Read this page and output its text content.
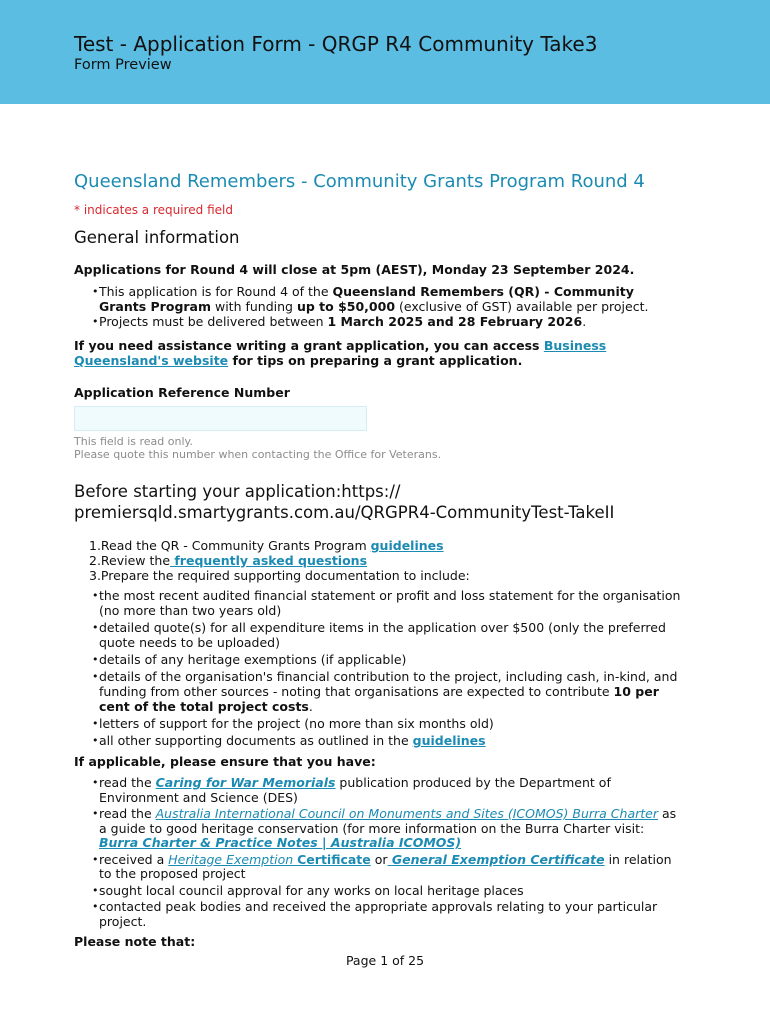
Test - Application Form - QRGP R4 Community Take3
Form Preview
Queensland Remembers - Community Grants Program Round 4
* indicates a required field
General information
Applications for Round 4 will close at 5pm (AEST), Monday 23 September 2024.
• This application is for Round 4 of the Queensland Remembers (QR) - Community Grants Program with funding up to $50,000 (exclusive of GST) available per project.
• Projects must be delivered between 1 March 2025 and 28 February 2026.
If you need assistance writing a grant application, you can access Business Queensland's website for tips on preparing a grant application.
Application Reference Number
This field is read only.
Please quote this number when contacting the Office for Veterans.
Before starting your application:https:// premiersqld.smartygrants.com.au/QRGPR4-CommunityTest-TakeII
1.Read the QR - Community Grants Program guidelines
2.Review the frequently asked questions
3.Prepare the required supporting documentation to include:
• the most recent audited financial statement or profit and loss statement for the organisation (no more than two years old)
• detailed quote(s) for all expenditure items in the application over $500 (only the preferred quote needs to be uploaded)
• details of any heritage exemptions (if applicable)
• details of the organisation's financial contribution to the project, including cash, in-kind, and funding from other sources - noting that organisations are expected to contribute 10 per cent of the total project costs.
• letters of support for the project (no more than six months old)
• all other supporting documents as outlined in the guidelines
If applicable, please ensure that you have:
• read the Caring for War Memorials publication produced by the Department of Environment and Science (DES)
• read the Australia International Council on Monuments and Sites (ICOMOS) Burra Charter as a guide to good heritage conservation (for more information on the Burra Charter visit: Burra Charter & Practice Notes | Australia ICOMOS)
• received a Heritage Exemption Certificate or General Exemption Certificate in relation to the proposed project
• sought local council approval for any works on local heritage places
• contacted peak bodies and received the appropriate approvals relating to your particular project.
Please note that:
Page 1 of 25
